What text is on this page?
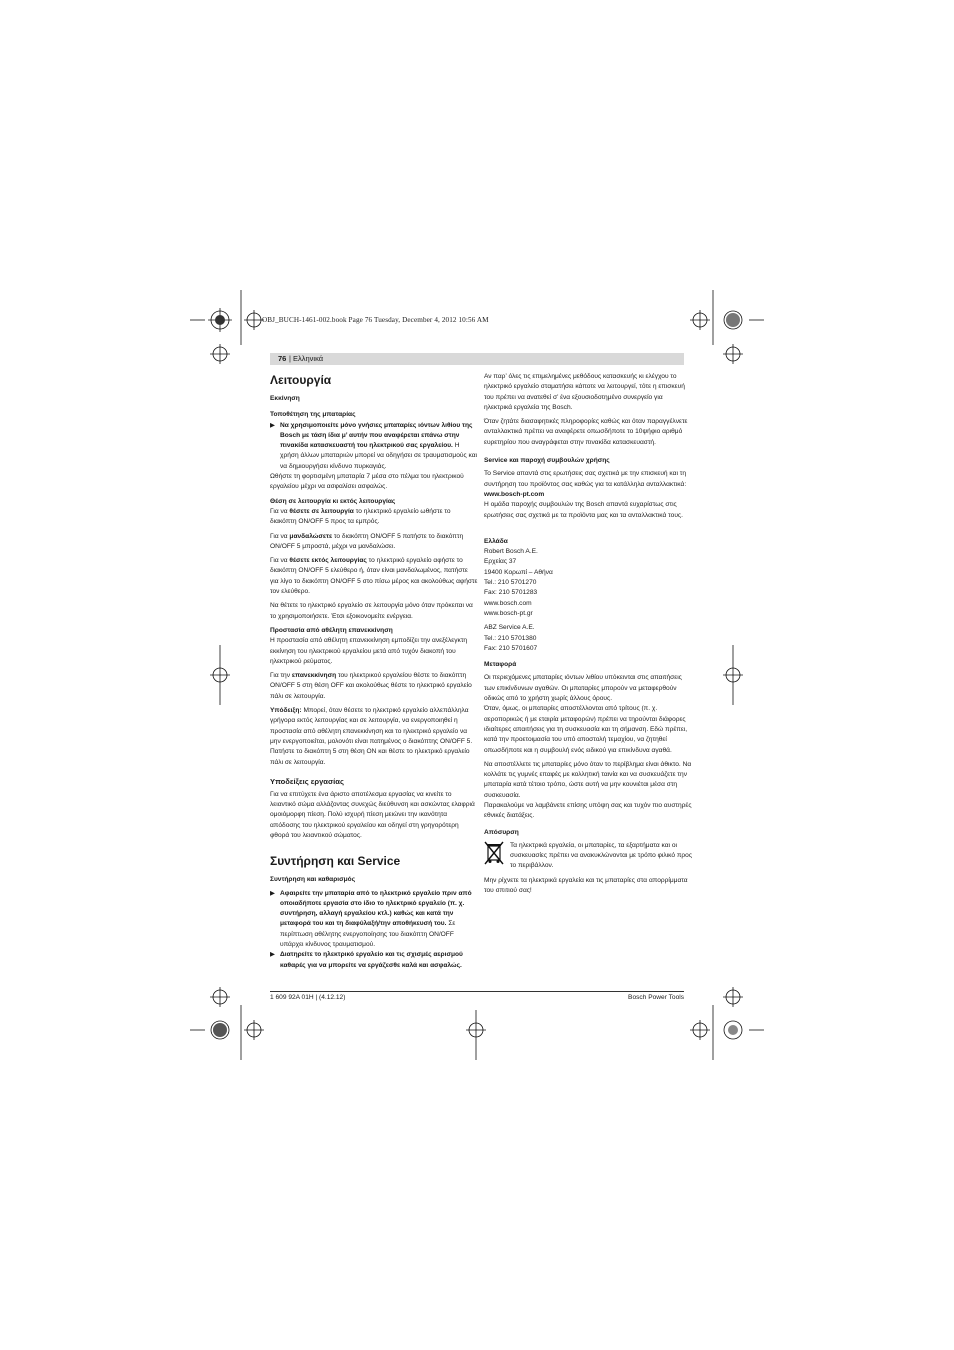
OBJ_BUCH-1461-002.book Page 76 Tuesday, December 4, 2012 10:56 AM
76 | Ελληνικά

Λειτουργία

Εκκίνηση

Τοποθέτηση της μπαταρίας

▶ Να χρησιμοποιείτε μόνο γνήσιες μπαταρίες ιόντων λιθίου της Bosch με τάση ίδια μ’ αυτήν που αναφέρεται επάνω στην πινακίδα κατασκευαστή του ηλεκτρικού σας εργαλείου. Η χρήση άλλων μπαταριών μπορεί να οδηγήσει σε τραυματισμούς και να δημιουργήσει κίνδυνο πυρκαγιάς.

Ωθήστε τη φορτισμένη μπαταρία 7 μέσα στο πέλμα του ηλεκτρικού εργαλείου μέχρι να ασφαλίσει ασφαλώς.

Θέση σε λειτουργία κι εκτός λειτουργίας

Για να θέσετε σε λειτουργία το ηλεκτρικό εργαλείο ωθήστε το διακόπτη ON/OFF 5 προς τα εμπρός.

Για να μανδαλώσετε το διακόπτη ON/OFF 5 πατήστε το διακόπτη ON/OFF 5 μπροστά, μέχρι να μανδαλώσει.

Για να θέσετε εκτός λειτουργίας το ηλεκτρικό εργαλείο αφήστε το διακόπτη ON/OFF 5 ελεύθερο ή, όταν είναι μανδαλωμένος, πατήστε για λίγο το διακόπτη ON/OFF 5 στο πίσω μέρος και ακολούθως αφήστε τον ελεύθερο.

Να θέτετε το ηλεκτρικό εργαλείο σε λειτουργία μόνο όταν πρόκειται να το χρησιμοποιήσετε. Έτσι εξοικονομείτε ενέργεια.

Προστασία από αθέλητη επανεκκίνηση

Η προστασία από αθέλητη επανεκκίνηση εμποδίζει την ανεξέλεγκτη εκκίνηση του ηλεκτρικού εργαλείου μετά από τυχόν διακοπή του ηλεκτρικού ρεύματος.

Για την επανεκκίνηση του ηλεκτρικού εργαλείου θέστε το διακόπτη ON/OFF 5 στη θέση OFF και ακολούθως θέστε το ηλεκτρικό εργαλείο πάλι σε λειτουργία.

Υπόδειξη: Μπορεί, όταν θέσετε το ηλεκτρικό εργαλείο αλλεπάλληλα γρήγορα εκτός λειτουργίας και σε λειτουργία, να ενεργοποιηθεί η προστασία από αθέλητη επανεκκίνηση και το ηλεκτρικό εργαλείο να μην ενεργοποιείται, μολονότι είναι πατημένος ο διακόπτης ON/OFF 5. Πατήστε το διακόπτη 5 στη θέση ON και θέστε το ηλεκτρικό εργαλείο πάλι σε λειτουργία.

Υποδείξεις εργασίας

Για να επιτύχετε ένα άριστο αποτέλεσμα εργασίας να κινείτε το λειαντικό σώμα αλλάζοντας συνεχώς διεύθυνση και ασκώντας ελαφριά ομοιόμορφη πίεση. Πολύ ισχυρή πίεση μειώνει την ικανότητα απόδοσης του ηλεκτρικού εργαλείου και οδηγεί στη γρηγορότερη φθορά του λειαντικού σώματος.

Συντήρηση και Service

Συντήρηση και καθαρισμός

▶ Αφαιρείτε την μπαταρία από το ηλεκτρικό εργαλείο πριν από οποιαδήποτε εργασία στο ίδιο το ηλεκτρικό εργαλείο (π. χ. συντήρηση, αλλαγή εργαλείου κτλ.) καθώς και κατά την μεταφορά του και τη διαφύλαξή/την αποθήκευσή του. Σε περίπτωση αθέλητης ενεργοποίησης του διακόπτη ON/OFF υπάρχει κίνδυνος τραυματισμού.
▶ Διατηρείτε το ηλεκτρικό εργαλείο και τις σχισμές αερισμού καθαρές για να μπορείτε να εργάζεσθε καλά και ασφαλώς.

Αν παρ’ όλες τις επιμελημένες μεθόδους κατασκευής κι ελέγχου το ηλεκτρικό εργαλείο σταματήσει κάποτε να λειτουργεί, τότε η επισκευή του πρέπει να ανατεθεί σ’ ένα εξουσιοδοτημένο συνεργείο για ηλεκτρικά εργαλεία της Bosch.

Όταν ζητάτε διασαφητικές πληροφορίες καθώς και όταν παραγγέλνετε ανταλλακτικά πρέπει να αναφέρετε οπωσδήποτε το 10ψήφιο αριθμό ευρετηρίου που αναγράφεται στην πινακίδα κατασκευαστή.

Service και παροχή συμβουλών χρήσης

Το Service απαντά στις ερωτήσεις σας σχετικά με την επισκευή και τη συντήρηση του προϊόντος σας καθώς για τα κατάλληλα ανταλλακτικά:

www.bosch-pt.com

Η ομάδα παροχής συμβουλών της Bosch απαντά ευχαρίστως στις ερωτήσεις σας σχετικά με τα προϊόντα μας και τα ανταλλακτικά τους.

Ελλάδα

Robert Bosch A.E.

Ερχείας 37

19400 Κορωπί – Αθήνα

Tel.: 210 5701270

Fax: 210 5701283

www.bosch.com

www.bosch-pt.gr

ABZ Service A.E.

Tel.: 210 5701380

Fax: 210 5701607

Μεταφορά

Οι περιεχόμενες μπαταρίες ιόντων λιθίου υπόκεινται στις απαιτήσεις των επικίνδυνων αγαθών. Οι μπαταρίες μπορούν να μεταφερθούν οδικώς από το χρήστη χωρίς άλλους όρους.

Όταν, όμως, οι μπαταρίες αποστέλλονται από τρίτους (π. χ. αεροπορικώς ή με εταιρία μεταφορών) πρέπει να τηρούνται διάφορες ιδιαίτερες απαιτήσεις για τη συσκευασία και τη σήμανση. Εδώ πρέπει, κατά την προετοιμασία του υπό αποστολή τεμαχίου, να ζητηθεί οπωσδήποτε και η συμβουλή ενός ειδικού για επικίνδυνα αγαθά.

Να αποστέλλετε τις μπαταρίες μόνο όταν το περίβλημα είναι άθικτο. Να κολλάτε τις γυμνές επαφές με κολλητική ταινία και να συσκευάζετε την μπαταρία κατά τέτοιο τρόπο, ώστε αυτή να μην κουνιέται μέσα στη συσκευασία.

Παρακαλούμε να λαμβάνετε επίσης υπόψη σας και τυχόν πιο αυστηρές εθνικές διατάξεις.

Απόσυρση

Τα ηλεκτρικά εργαλεία, οι μπαταρίες, τα εξαρτήματα και οι συσκευασίες πρέπει να ανακυκλώνονται με τρόπο φιλικό προς το περιβάλλον.

Μην ρίχνετε τα ηλεκτρικά εργαλεία και τις μπαταρίες στα απορρίμματα του σπιτιού σας!

1 609 92A 01H | (4.12.12)	Bosch Power Tools
